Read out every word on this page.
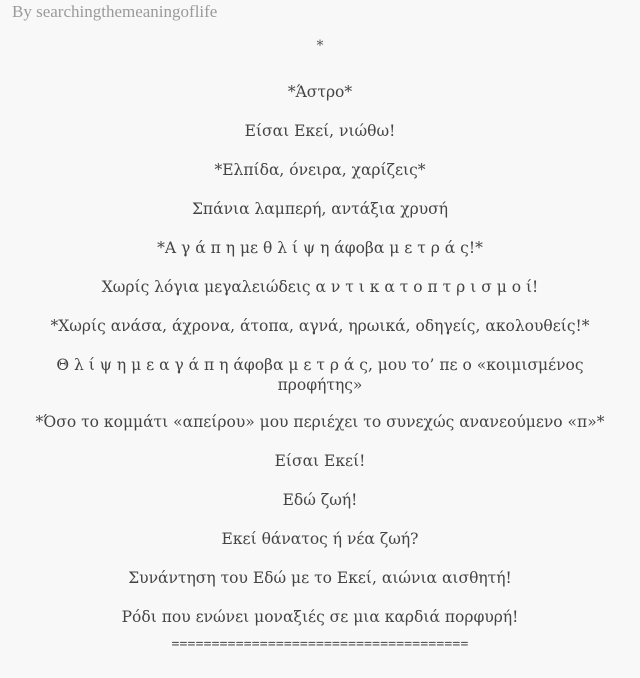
By searchingthemeaningoflife
*
*Άστρο*
Είσαι Εκεί, νιώθω!
*Ελπίδα, όνειρα, χαρίζεις*
Σπάνια λαμπερή, αντάξια χρυσή
*Α γ ά π η με θ λ ί ψ η άφοβα μ ε τ ρ ά ς!*
Χωρίς λόγια μεγαλειώδεις α ν τ ι κ α τ ο π τ ρ ι σ μ ο ί!
*Χωρίς ανάσα, άχρονα, άτοπα, αγνά, ηρωικά, οδηγείς, ακολουθείς!*
Θ λ ί ψ η μ ε α γ ά π η άφοβα μ ε τ ρ ά ς, μου το’ πε ο «κοιμισμένος προφήτης»
*Όσο το κομμάτι «απείρου» μου περιέχει το συνεχώς ανανεούμενο «π»*
Είσαι Εκεί!
Εδώ ζωή!
Εκεί θάνατος ή νέα ζωή?
Συνάντηση του Εδώ με το Εκεί, αιώνια αισθητή!
Ρόδι που ενώνει μοναξιές σε μια καρδιά πορφυρή!
=====================================
